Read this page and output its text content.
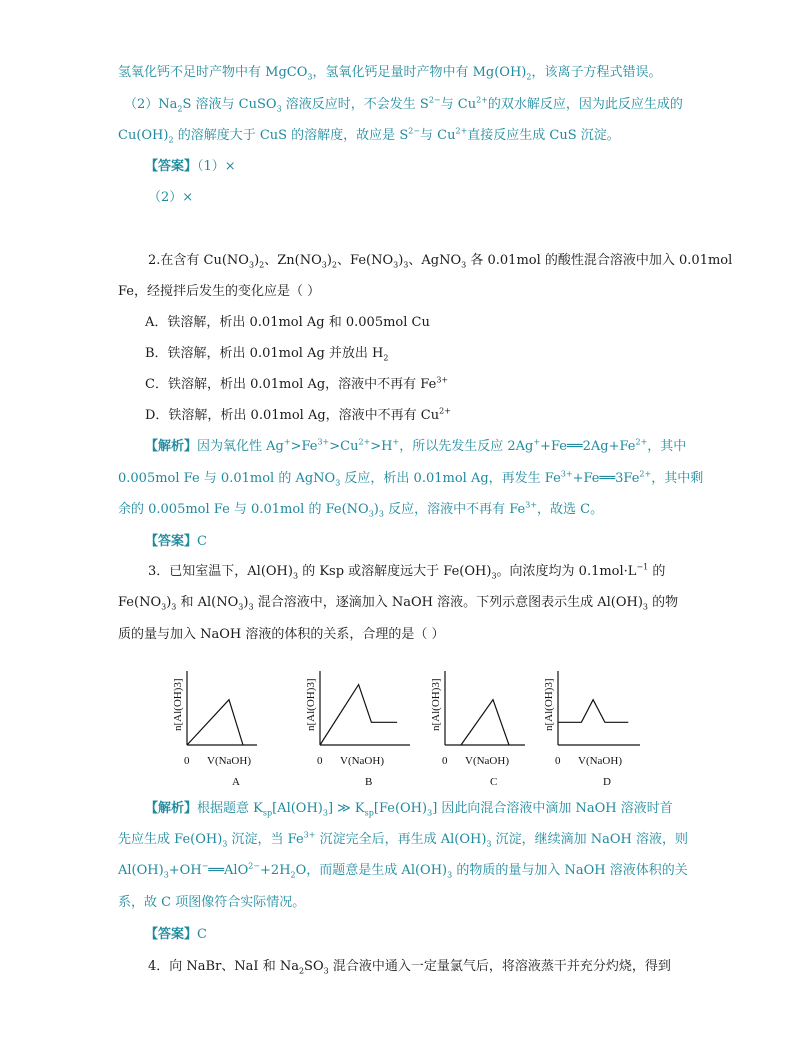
氢氧化钙不足时产物中有 MgCO$_3$，氢氧化钙足量时产物中有 $Mg(OH)_2$，该离子方程式错误。
$(2)Na_2S$ 溶液与 CuSO$_3$ 溶液反应时，不会发生 $S^{2-}$与 $Cu^{2+}$的双水解反应，因为此反应生成的
$Cu(OH)_2$ 的溶解度大于 CuS 的溶解度，故应是 $S^{2-}$与 $Cu^{2+}$直接反应生成 CuS 沉淀。
【答案】（1）×
（2）×
2.在含有 $Cu(NO_3)_2$、$Zn(NO_3)_2$、$Fe(NO_3)_3$、AgNO$_3$ 各 0.01mol 的酸性混合溶液中加入 0.01mol
Fe，经搅拌后发生的变化应是（ ）
A．铁溶解，析出 0.01mol Ag 和 0.005mol Cu
B．铁溶解，析出 0.01mol Ag 并放出 $H_2$
C．铁溶解，析出 0.01mol Ag，溶液中不再有 $Fe^{3+}$
D．铁溶解，析出 0.01mol Ag，溶液中不再有 $Cu^{2+}$
【解析】因为氧化性 $Ag^+>Fe^{3+}>Cu^{2+}>H^+$，所以先发生反应 $2Ag^++Fe══2Ag+Fe^{2+}$，其中
0.005mol Fe 与 0.01mol 的 AgNO$_3$ 反应，析出 0.01mol Ag，再发生 $Fe^{3+}+Fe══3Fe^{2+}$，其中剩
余的 0.005mol Fe 与 0.01mol 的 $Fe(NO_3)_3$ 反应，溶液中不再有 $Fe^{3+}$，故选 C。
【答案】C
3．已知室温下，$Al(OH)_3$ 的 Ksp 或溶解度远大于 $Fe(OH)_3$。向浓度均为 $0.1mol\cdot L^{-1}$ 的
$Fe(NO_3)_3$ 和 $Al(NO_3)_3$ 混合溶液中，逐滴加入 NaOH 溶液。下列示意图表示生成 $Al(OH)_3$ 的物
质的量与加入 NaOH 溶液的体积的关系，合理的是（ ）
n[Al(OH)3]
0 V(NaOH)
A
n[Al(OH)3]
0 V(NaOH)
B
n[Al(OH)3]
0 V(NaOH)
C
n[Al(OH)3]
0 V(NaOH)
D
【解析】根据题意 $K_{sp}[Al(OH)_3]$ ≫ $K_{sp}[Fe(OH)_3]$ 因此向混合溶液中滴加 NaOH 溶液时首
先应生成 $Fe(OH)_3$ 沉淀，当 $Fe^{3+}$ 沉淀完全后，再生成 $Al(OH)_3$ 沉淀，继续滴加 NaOH 溶液，则
$Al(OH)_3+OH^-══AlO^{2-}+2H_2O$，而题意是生成 $Al(OH)_3$ 的物质的量与加入 NaOH 溶液体积的关
系，故 C 项图像符合实际情况。
【答案】C
4．向 NaBr、NaI 和 $Na_2SO_3$ 混合液中通入一定量氯气后，将溶液蒸干并充分灼烧，得到
